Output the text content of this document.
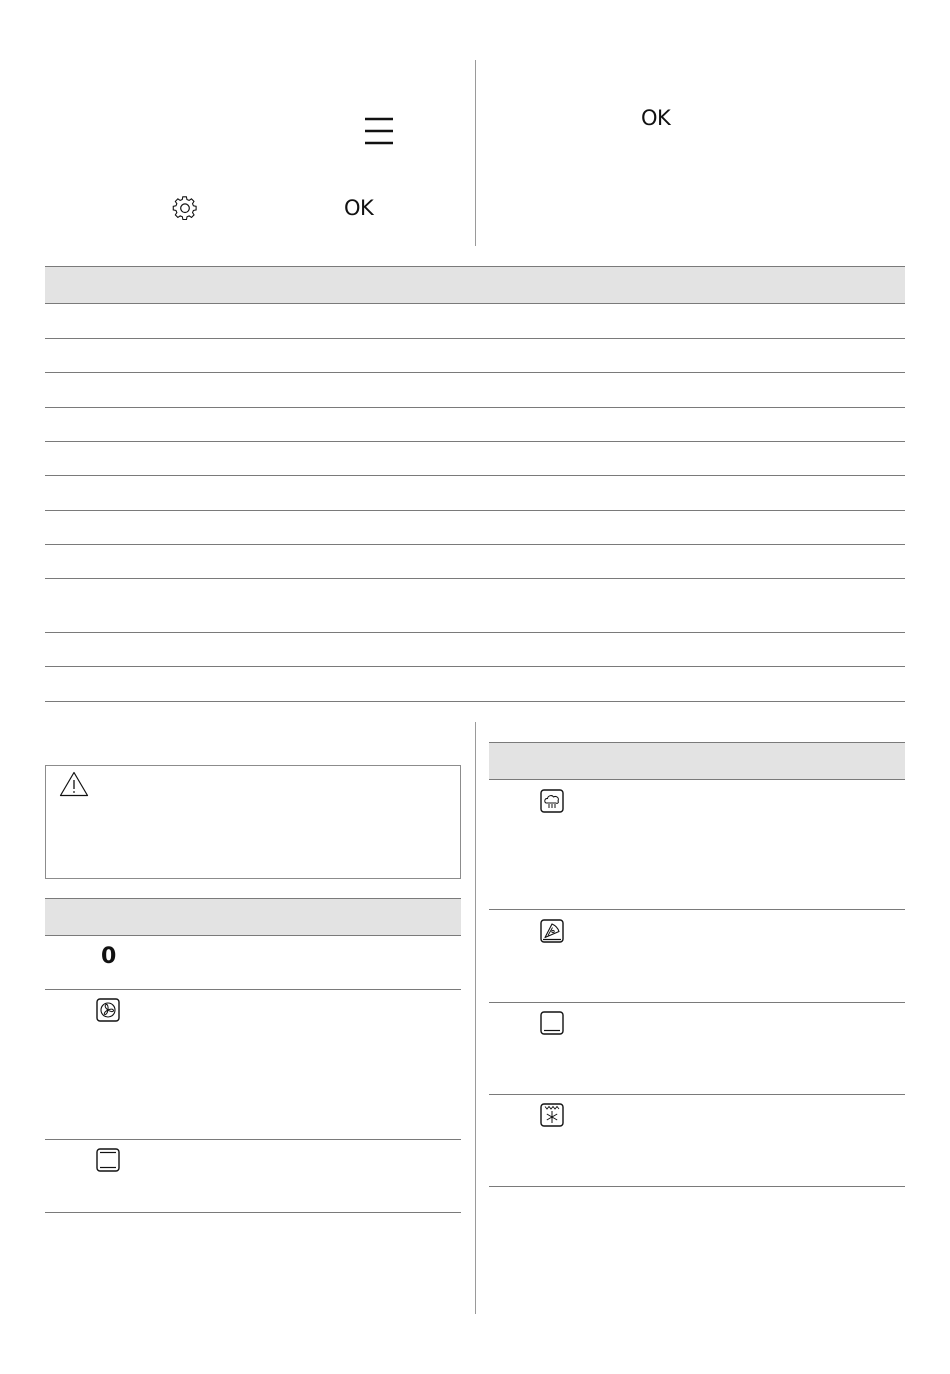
OK
OK
0
